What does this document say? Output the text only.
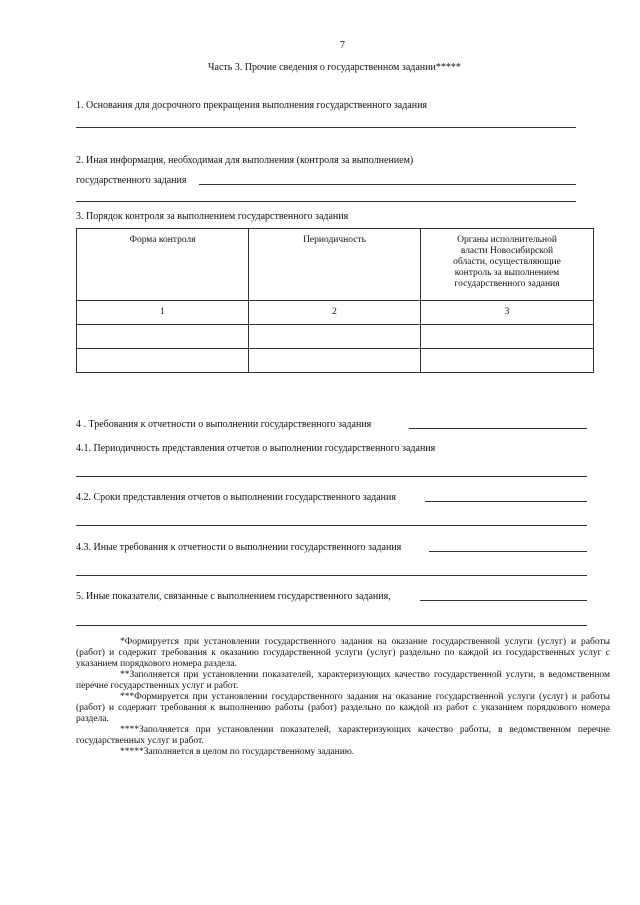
7
Часть 3. Прочие сведения о государственном задании*****
1. Основания для досрочного прекращения выполнения государственного задания
2. Иная информация, необходимая для выполнения (контроля за выполнением)
государственного задания
3. Порядок контроля за выполнением государственного задания
Форма контроля	Периодичность	Органы исполнительной власти Новосибирской области, осуществляющие контроль за выполнением государственного задания

1	2	3

4 . Требования к отчетности о выполнении государственного задания
4.1. Периодичность представления отчетов о выполнении государственного задания
4.2. Сроки представления отчетов о выполнении государственного задания
4.3. Иные требования к отчетности о выполнении государственного задания
5. Иные показатели, связанные с выполнением государственного задания,

*Формируется при установлении государственного задания на оказание государственной услуги (услуг) и работы (работ) и содержит требования к оказанию государственной услуги (услуг) раздельно по каждой из государственных услуг с указанием порядкового номера раздела.

**Заполняется при установлении показателей, характеризующих качество государственной услуги, в ведомственном перечне государственных услуг и работ.

***Формируется при установлении государственного задания на оказание государственной услуги (услуг) и работы (работ) и содержит требования к выполнению работы (работ) раздельно по каждой из работ с указанием порядкового номера раздела.

****Заполняется при установлении показателей, характеризующих качество работы, в ведомственном перечне государственных услуг и работ.

*****Заполняется в целом по государственному заданию.
